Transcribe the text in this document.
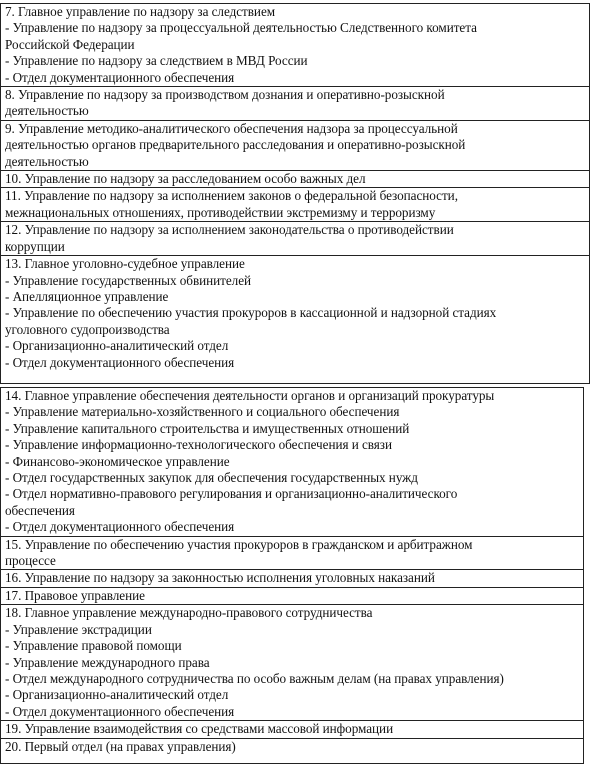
7. Главное управление по надзору за следствием
- Управление по надзору за процессуальной деятельностью Следственного комитета
Российской Федерации
- Управление по надзору за следствием в МВД России
- Отдел документационного обеспечения
8. Управление по надзору за производством дознания и оперативно-розыскной
деятельностью
9. Управление методико-аналитического обеспечения надзора за процессуальной
деятельностью органов предварительного расследования и оперативно-розыскной
деятельностью
10. Управление по надзору за расследованием особо важных дел
11. Управление по надзору за исполнением законов о федеральной безопасности,
межнациональных отношениях, противодействии экстремизму и терроризму
12. Управление по надзору за исполнением законодательства о противодействии
коррупции
13. Главное уголовно-судебное управление
- Управление государственных обвинителей
- Апелляционное управление
- Управление по обеспечению участия прокуроров в кассационной и надзорной стадиях
уголовного судопроизводства
- Организационно-аналитический отдел
- Отдел документационного обеспечения
14. Главное управление обеспечения деятельности органов и организаций прокуратуры
- Управление материально-хозяйственного и социального обеспечения
- Управление капитального строительства и имущественных отношений
- Управление информационно-технологического обеспечения и связи
- Финансово-экономическое управление
- Отдел государственных закупок для обеспечения государственных нужд
- Отдел нормативно-правового регулирования и организационно-аналитического
обеспечения
- Отдел документационного обеспечения
15. Управление по обеспечению участия прокуроров в гражданском и арбитражном
процессе
16. Управление по надзору за законностью исполнения уголовных наказаний
17. Правовое управление
18. Главное управление международно-правового сотрудничества
- Управление экстрадиции
- Управление правовой помощи
- Управление международного права
- Отдел международного сотрудничества по особо важным делам (на правах управления)
- Организационно-аналитический отдел
- Отдел документационного обеспечения
19. Управление взаимодействия со средствами массовой информации
20. Первый отдел (на правах управления)
